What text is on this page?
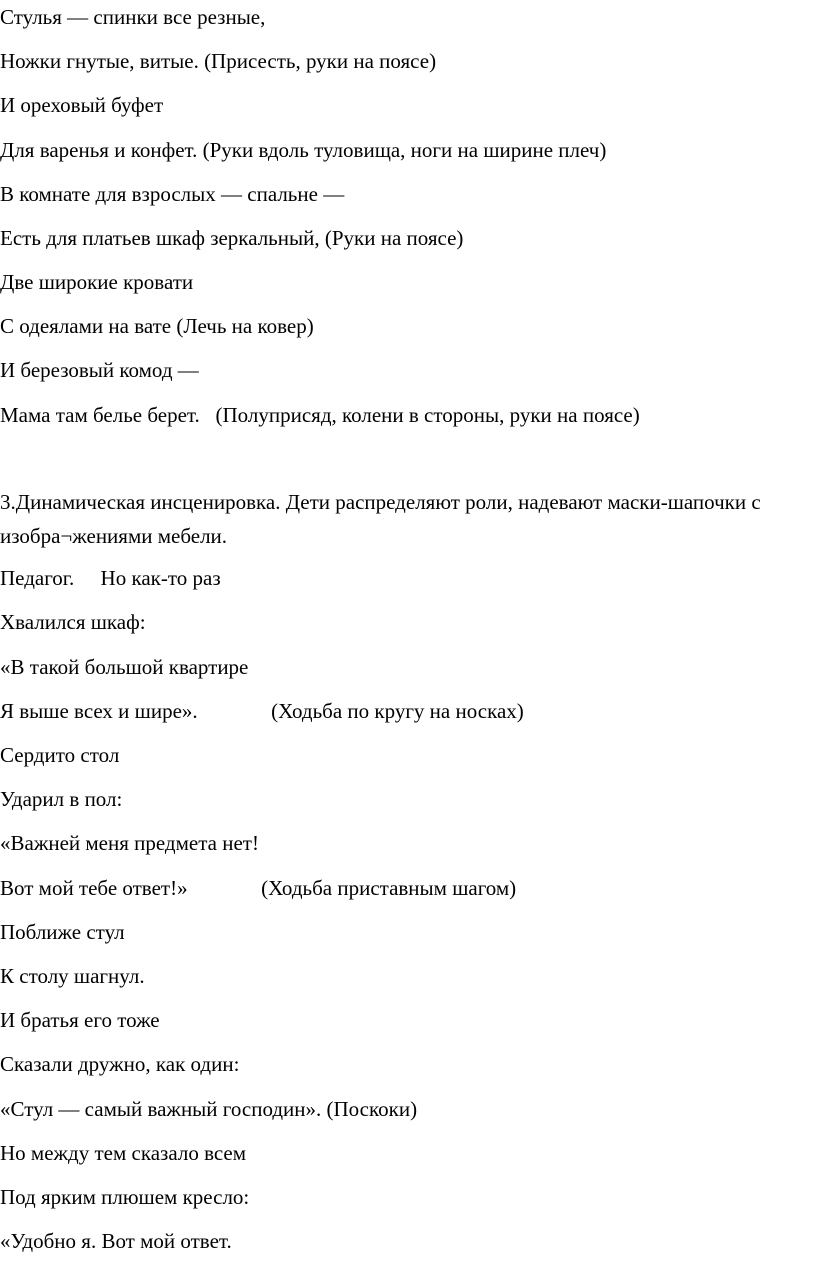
Стулья — спинки все резные,
Ножки гнутые, витые. (Присесть, руки на поясе)
И ореховый буфет
Для варенья и конфет. (Руки вдоль туловища, ноги на ширине плеч)
В комнате для взрослых — спальне —
Есть для платьев шкаф зеркальный, (Руки на поясе)
Две широкие кровати
С одеялами на вате (Лечь на ковер)
И березовый комод —
Мама там белье берет.   (Полуприсяд, колени в стороны, руки на поясе)
3.Динамическая инсценировка. Дети распределяют роли, надевают маски-шапочки с изобра¬жениями мебели.
Педагог.     Но как-то раз
Хвалился шкаф:
«В такой большой квартире
Я выше всех и шире».              (Ходьба по кругу на носках)
Сердито стол
Ударил в пол:
«Важней меня предмета нет!
Вот мой тебе ответ!»              (Ходьба приставным шагом)
Поближе стул
К столу шагнул.
И братья его тоже
Сказали дружно, как один:
«Стул — самый важный господин». (Поскоки)
Но между тем сказало всем
Под ярким плюшем кресло:
«Удобно я. Вот мой ответ.
